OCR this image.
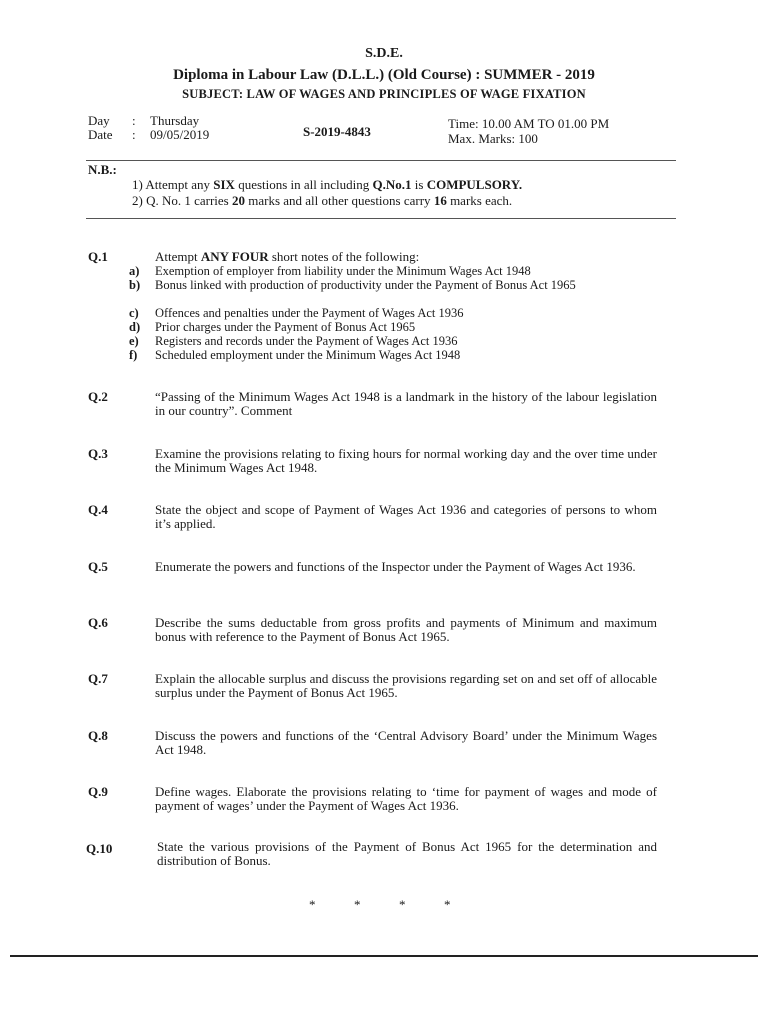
S.D.E.
Diploma in Labour Law (D.L.L.) (Old Course) : SUMMER - 2019
SUBJECT: LAW OF WAGES AND PRINCIPLES OF WAGE FIXATION
Day : Thursday
Date : 09/05/2019	S-2019-4843
Time: 10.00 AM TO 01.00 PM
Max. Marks: 100
N.B.:
1) Attempt any SIX questions in all including Q.No.1 is COMPULSORY.
2) Q. No. 1 carries 20 marks and all other questions carry 16 marks each.
Q.1	Attempt ANY FOUR short notes of the following:
a) Exemption of employer from liability under the Minimum Wages Act 1948
b) Bonus linked with production of productivity under the Payment of Bonus Act 1965
c) Offences and penalties under the Payment of Wages Act 1936
d) Prior charges under the Payment of Bonus Act 1965
e) Registers and records under the Payment of Wages Act 1936
f) Scheduled employment under the Minimum Wages Act 1948
Q.2	“Passing of the Minimum Wages Act 1948 is a landmark in the history of the labour legislation in our country”. Comment
Q.3	Examine the provisions relating to fixing hours for normal working day and the over time under the Minimum Wages Act 1948.
Q.4	State the object and scope of Payment of Wages Act 1936 and categories of persons to whom it’s applied.
Q.5	Enumerate the powers and functions of the Inspector under the Payment of Wages Act 1936.
Q.6	Describe the sums deductable from gross profits and payments of Minimum and maximum bonus with reference to the Payment of Bonus Act 1965.
Q.7	Explain the allocable surplus and discuss the provisions regarding set on and set off of allocable surplus under the Payment of Bonus Act 1965.
Q.8	Discuss the powers and functions of the ‘Central Advisory Board’ under the Minimum Wages Act 1948.
Q.9	Define wages. Elaborate the provisions relating to ‘time for payment of wages and mode of payment of wages’ under the Payment of Wages Act 1936.
Q.10	State the various provisions of the Payment of Bonus Act 1965 for the determination and distribution of Bonus.
*	*	*	*
